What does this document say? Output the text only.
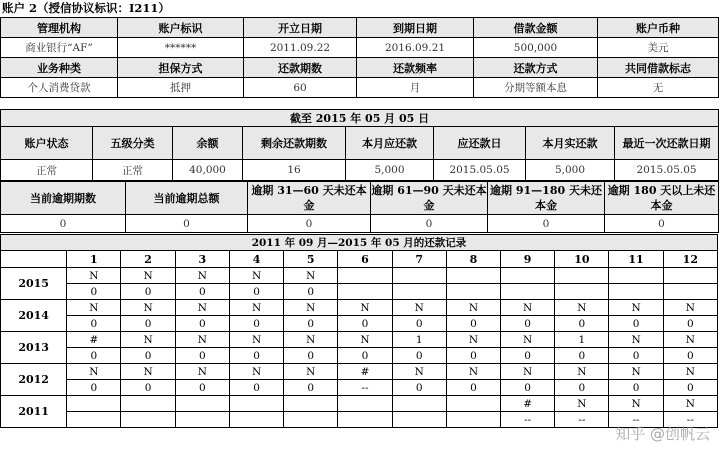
账户 2（授信协议标识：I211）
管理机构	账户标识	开立日期	到期日期	借款金额	账户币种
商业银行“AF”	******	2011.09.22	2016.09.21	500,000	美元
业务种类	担保方式	还款期数	还款频率	还款方式	共同借款标志
个人消费贷款	抵押	60	月	分期等额本息	无
截至 2015 年 05 月 05 日							
账户状态	五级分类	余额	剩余还款期数	本月应还款	应还款日	本月实还款	最近一次还款日期
正常	正常	40,000	16	5,000	2015.05.05	5,000	2015.05.05
当前逾期期数	当前逾期总额	逾期 31—60 天未还本金	逾期 61—90 天未还本金	逾期 91—180 天未还本金	逾期 180 天以上未还本金
0	0	0	0	0	0
2011 年 09 月—2015 年 05 月的还款记录												
	1	2	3	4	5	6	7	8	9	10	11	12
2015	N	N	N	N	N							
	0	0	0	0	0							
2014	N	N	N	N	N	N	N	N	N	N	N	N
	0	0	0	0	0	0	0	0	0	0	0	0
2013	#	N	N	N	N	N	1	N	N	1	N	N
	0	0	0	0	0	0	0	0	0	0	0	0
2012	N	N	N	N	N	#	N	N	N	N	N	N
	0	0	0	0	0	--	0	0	0	0	0	0
2011									#	N	N	N
									--	--	--	--
知乎 @创帆云
